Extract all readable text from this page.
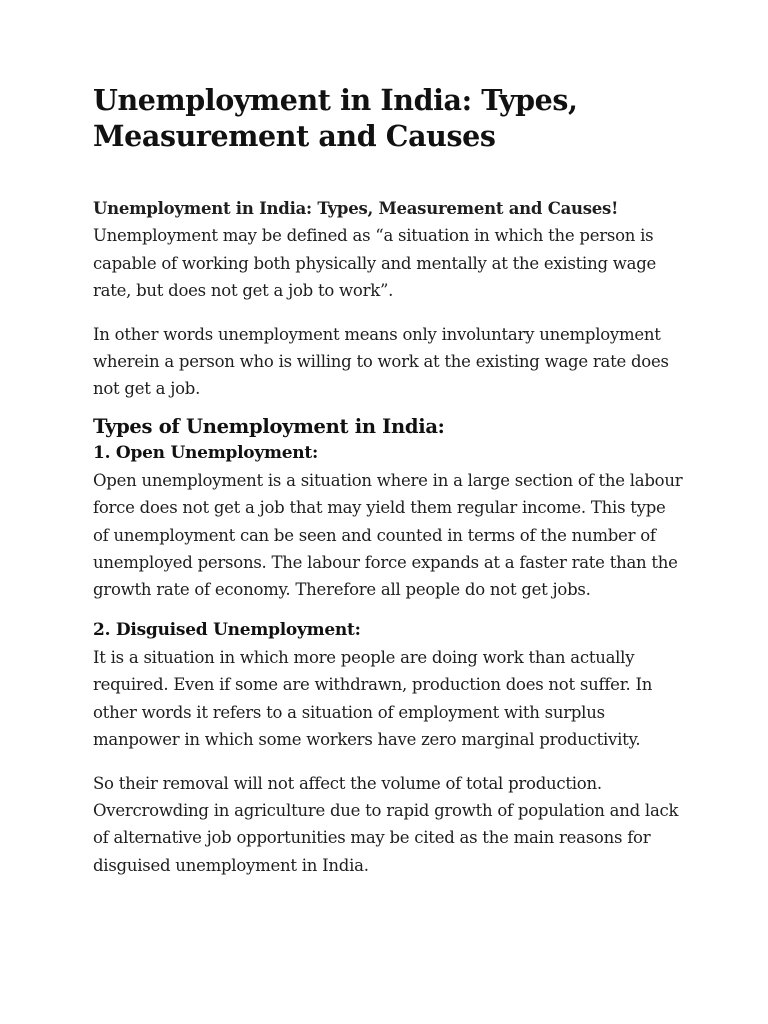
Unemployment in India: Types, Measurement and Causes
Unemployment in India: Types, Measurement and Causes!
Unemployment may be defined as “a situation in which the person is capable of working both physically and mentally at the existing wage rate, but does not get a job to work”.

In other words unemployment means only involuntary unemployment wherein a person who is willing to work at the existing wage rate does not get a job.

Types of Unemployment in India:
1. Open Unemployment:

Open unemployment is a situation where in a large section of the labour force does not get a job that may yield them regular income. This type of unemployment can be seen and counted in terms of the number of unemployed persons. The labour force expands at a faster rate than the growth rate of economy. Therefore all people do not get jobs.

2. Disguised Unemployment:

It is a situation in which more people are doing work than actually required. Even if some are withdrawn, production does not suffer. In other words it refers to a situation of employment with surplus manpower in which some workers have zero marginal productivity.

So their removal will not affect the volume of total production. Overcrowding in agriculture due to rapid growth of population and lack of alternative job opportunities may be cited as the main reasons for disguised unemployment in India.
